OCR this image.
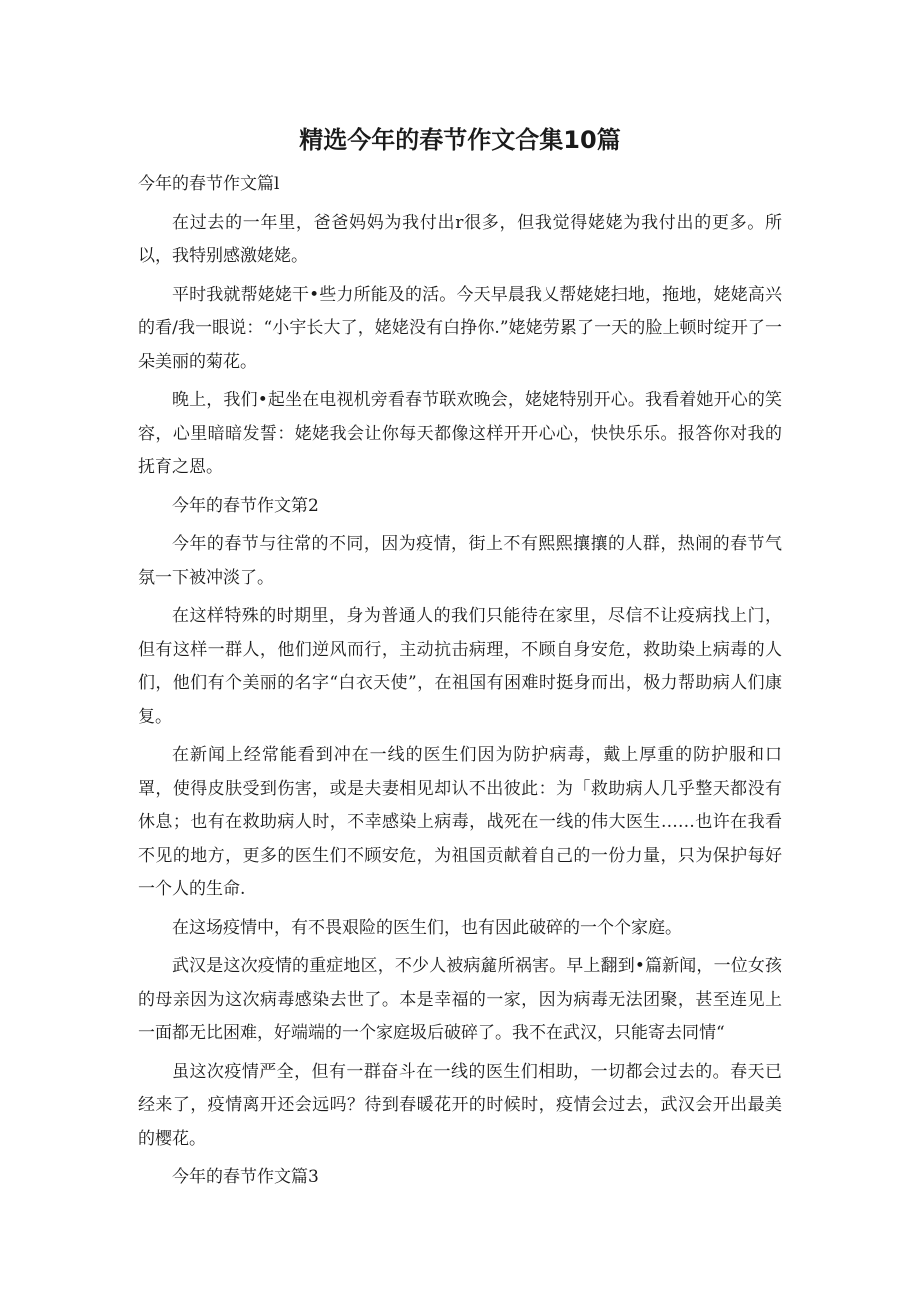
精选今年的春节作文合集10篇

今年的春节作文篇l

在过去的一年里，爸爸妈妈为我付出r很多，但我觉得姥姥为我付出的更多。所以，我特别感激姥姥。

平时我就帮姥姥干•些力所能及的活。今天早晨我乂帮姥姥扫地，拖地，姥姥高兴的看/我一眼说：“小宇长大了，姥姥没有白挣你.”姥姥劳累了一天的脸上顿时绽开了一朵美丽的菊花。

晚上，我们•起坐在电视机旁看春节联欢晚会，姥姥特别开心。我看着她开心的笑容，心里暗暗发誓：姥姥我会让你每天都像这样开开心心，快快乐乐。报答你对我的抚育之恩。

今年的春节作文第2

今年的春节与往常的不同，因为疫情，街上不有熙熙攘攘的人群，热闹的春节气氛一下被冲淡了。

在这样特殊的时期里，身为普通人的我们只能待在家里，尽信不让疫病找上门，但有这样一群人，他们逆风而行，主动抗击病理，不顾自身安危，救助染上病毒的人们，他们有个美丽的名字“白衣天使”，在祖国有困难时挺身而出，极力帮助病人们康复。

在新闻上经常能看到冲在一线的医生们因为防护病毒，戴上厚重的防护服和口罩，使得皮肤受到伤害，或是夫妻相见却认不出彼此：为「救助病人几乎整天都没有休息；也有在救助病人时，不幸感染上病毒，战死在一线的伟大医生……也许在我看不见的地方，更多的医生们不顾安危，为祖国贡献着自己的一份力量，只为保护每好一个人的生命.

在这场疫情中，有不畏艰险的医生们，也有因此破碎的一个个家庭。

武汉是这次疫情的重症地区，不少人被病麄所祸害。早上翻到•篇新闻，一位女孩的母亲因为这次病毒感染去世了。本是幸福的一家，因为病毒无法团聚，甚至连见上一面都无比困难，好端端的一个家庭圾后破碎了。我不在武汉，只能寄去同情“

虽这次疫情严全，但有一群奋斗在一线的医生们相助，一切都会过去的。春天已经来了，疫情离开还会远吗？待到春暖花开的时候时，疫情会过去，武汉会开出最美的樱花。

今年的春节作文篇3
